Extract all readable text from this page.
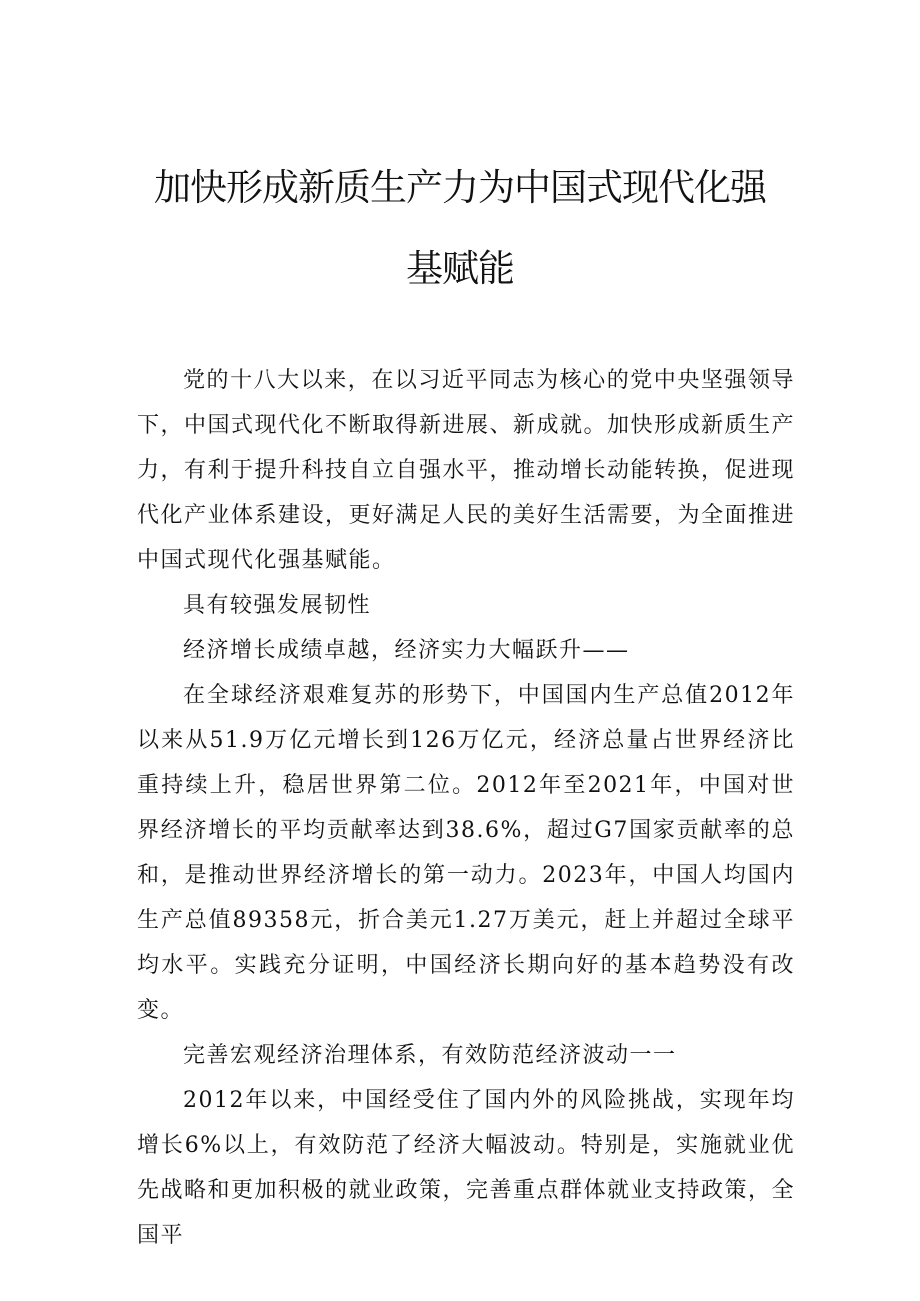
加快形成新质生产力为中国式现代化强
基赋能

党的十八大以来，在以习近平同志为核心的党中央坚强领导下，中国式现代化不断取得新进展、新成就。加快形成新质生产力，有利于提升科技自立自强水平，推动增长动能转换，促进现代化产业体系建设，更好满足人民的美好生活需要，为全面推进中国式现代化强基赋能。

具有较强发展韧性

经济增长成绩卓越，经济实力大幅跃升——

在全球经济艰难复苏的形势下，中国国内生产总值2012年以来从51.9万亿元增长到126万亿元，经济总量占世界经济比重持续上升，稳居世界第二位。2012年至2021年，中国对世界经济增长的平均贡献率达到38.6%，超过G7国家贡献率的总和，是推动世界经济增长的第一动力。2023年，中国人均国内生产总值89358元，折合美元1.27万美元，赶上并超过全球平均水平。实践充分证明，中国经济长期向好的基本趋势没有改变。

完善宏观经济治理体系，有效防范经济波动一一

2012年以来，中国经受住了国内外的风险挑战，实现年均增长6%以上，有效防范了经济大幅波动。特别是，实施就业优先战略和更加积极的就业政策，完善重点群体就业支持政策，全国平
